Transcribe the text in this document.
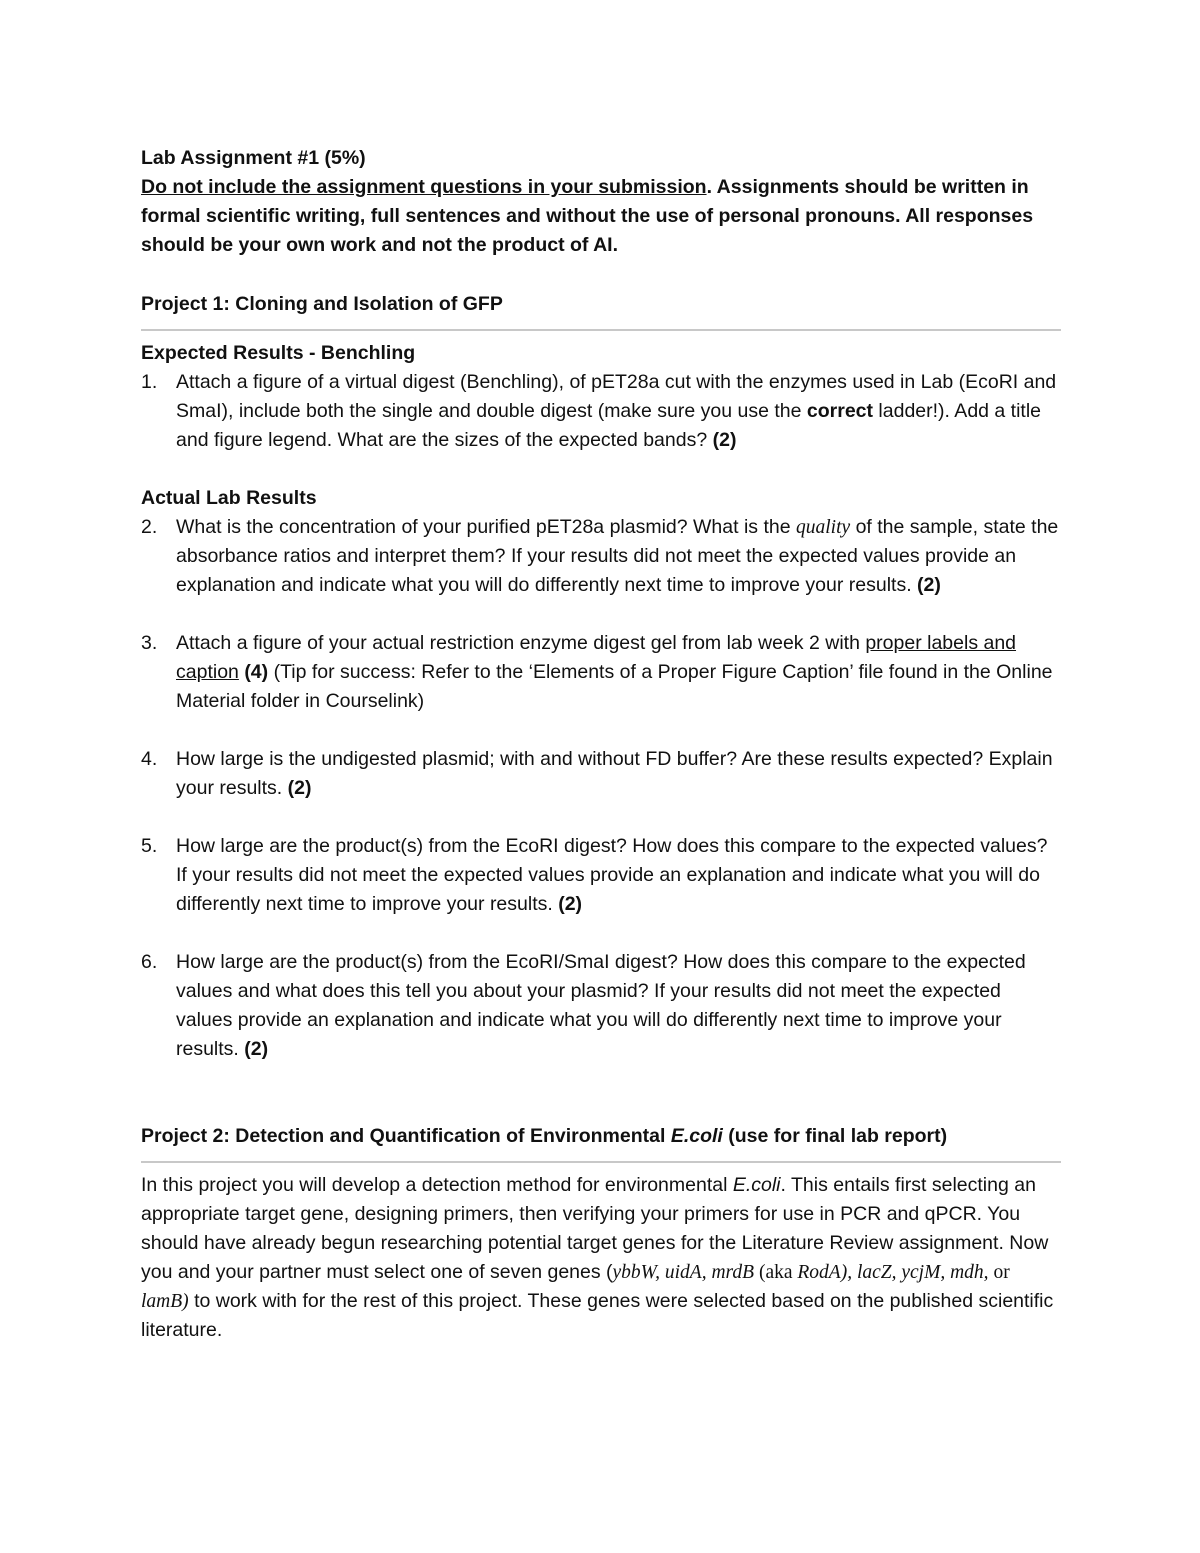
Lab Assignment #1 (5%)

Do not include the assignment questions in your submission. Assignments should be written in formal scientific writing, full sentences and without the use of personal pronouns. All responses should be your own work and not the product of AI.

Project 1: Cloning and Isolation of GFP

Expected Results - Benchling

1. Attach a figure of a virtual digest (Benchling), of pET28a cut with the enzymes used in Lab (EcoRI and SmaI), include both the single and double digest (make sure you use the correct ladder!). Add a title and figure legend. What are the sizes of the expected bands? (2)

Actual Lab Results

2. What is the concentration of your purified pET28a plasmid? What is the quality of the sample, state the absorbance ratios and interpret them? If your results did not meet the expected values provide an explanation and indicate what you will do differently next time to improve your results. (2)
3. Attach a figure of your actual restriction enzyme digest gel from lab week 2 with proper labels and caption (4) (Tip for success: Refer to the ‘Elements of a Proper Figure Caption’ file found in the Online Material folder in Courselink)
4. How large is the undigested plasmid; with and without FD buffer? Are these results expected? Explain your results. (2)
5. How large are the product(s) from the EcoRI digest? How does this compare to the expected values? If your results did not meet the expected values provide an explanation and indicate what you will do differently next time to improve your results. (2)
6. How large are the product(s) from the EcoRI/SmaI digest? How does this compare to the expected values and what does this tell you about your plasmid? If your results did not meet the expected values provide an explanation and indicate what you will do differently next time to improve your results. (2)

Project 2: Detection and Quantification of Environmental E.coli (use for final lab report)

In this project you will develop a detection method for environmental E.coli. This entails first selecting an appropriate target gene, designing primers, then verifying your primers for use in PCR and qPCR. You should have already begun researching potential target genes for the Literature Review assignment. Now you and your partner must select one of seven genes (ybbW, uidA, mrdB (aka RodA), lacZ, ycjM, mdh, or lamB) to work with for the rest of this project. These genes were selected based on the published scientific literature.
